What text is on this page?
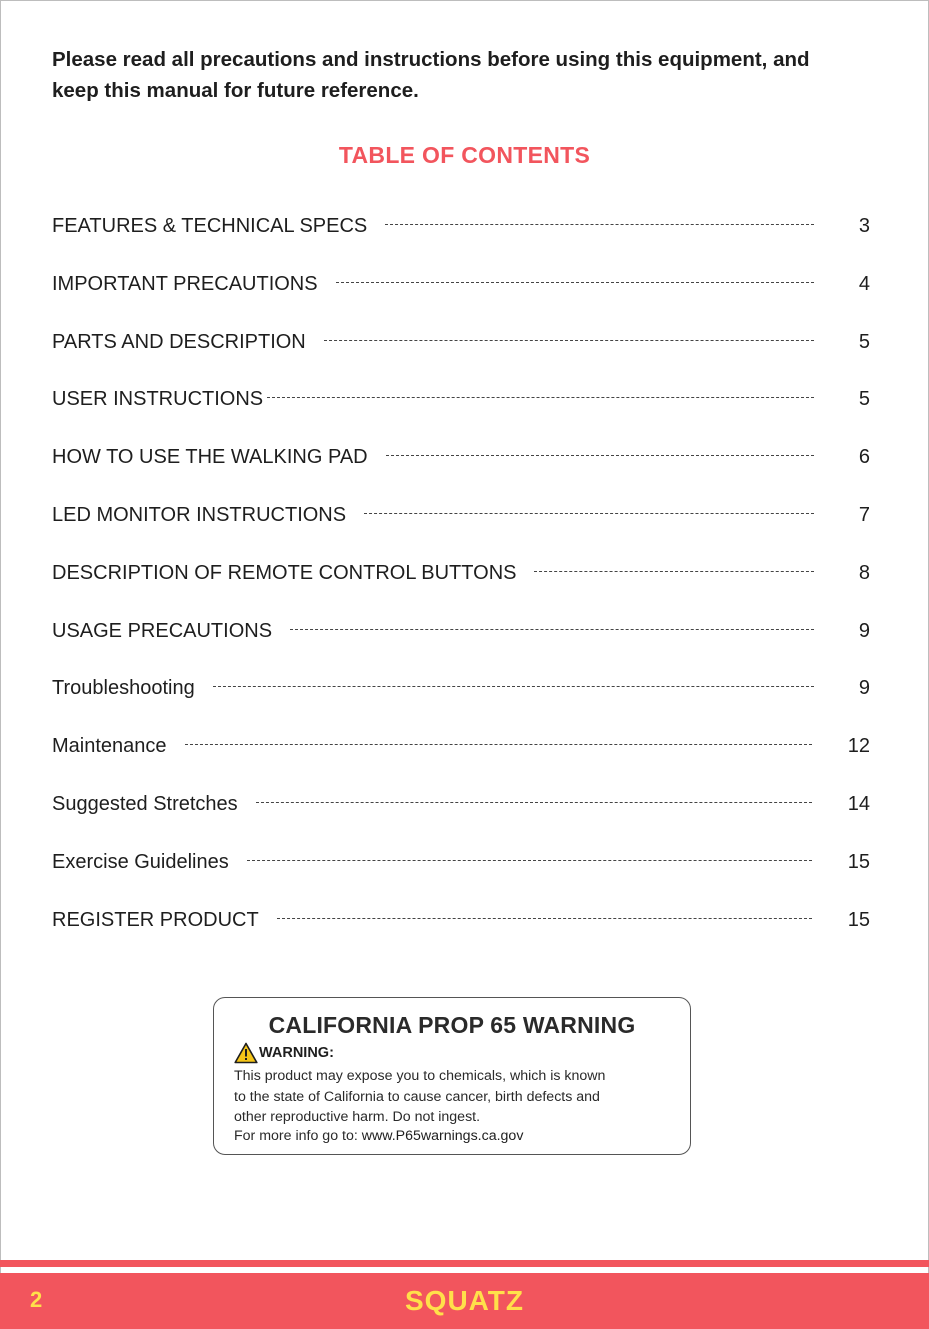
Please read all precautions and instructions before using this equipment, and
keep this manual for future reference.
TABLE OF CONTENTS
FEATURES & TECHNICAL SPECS	3
IMPORTANT PRECAUTIONS	4
PARTS AND DESCRIPTION	5
USER INSTRUCTIONS	5
HOW TO USE THE WALKING PAD	6
LED MONITOR INSTRUCTIONS	7
DESCRIPTION OF REMOTE CONTROL BUTTONS	8
USAGE PRECAUTIONS	9
Troubleshooting	9
Maintenance	12
Suggested Stretches	14
Exercise Guidelines	15
REGISTER PRODUCT	15
CALIFORNIA PROP 65 WARNING
WARNING:
This product may expose you to chemicals, which is known
to the state of California to cause cancer, birth defects and
other reproductive harm. Do not ingest.
For more info go to: www.P65warnings.ca.gov
2	SQUATZ
